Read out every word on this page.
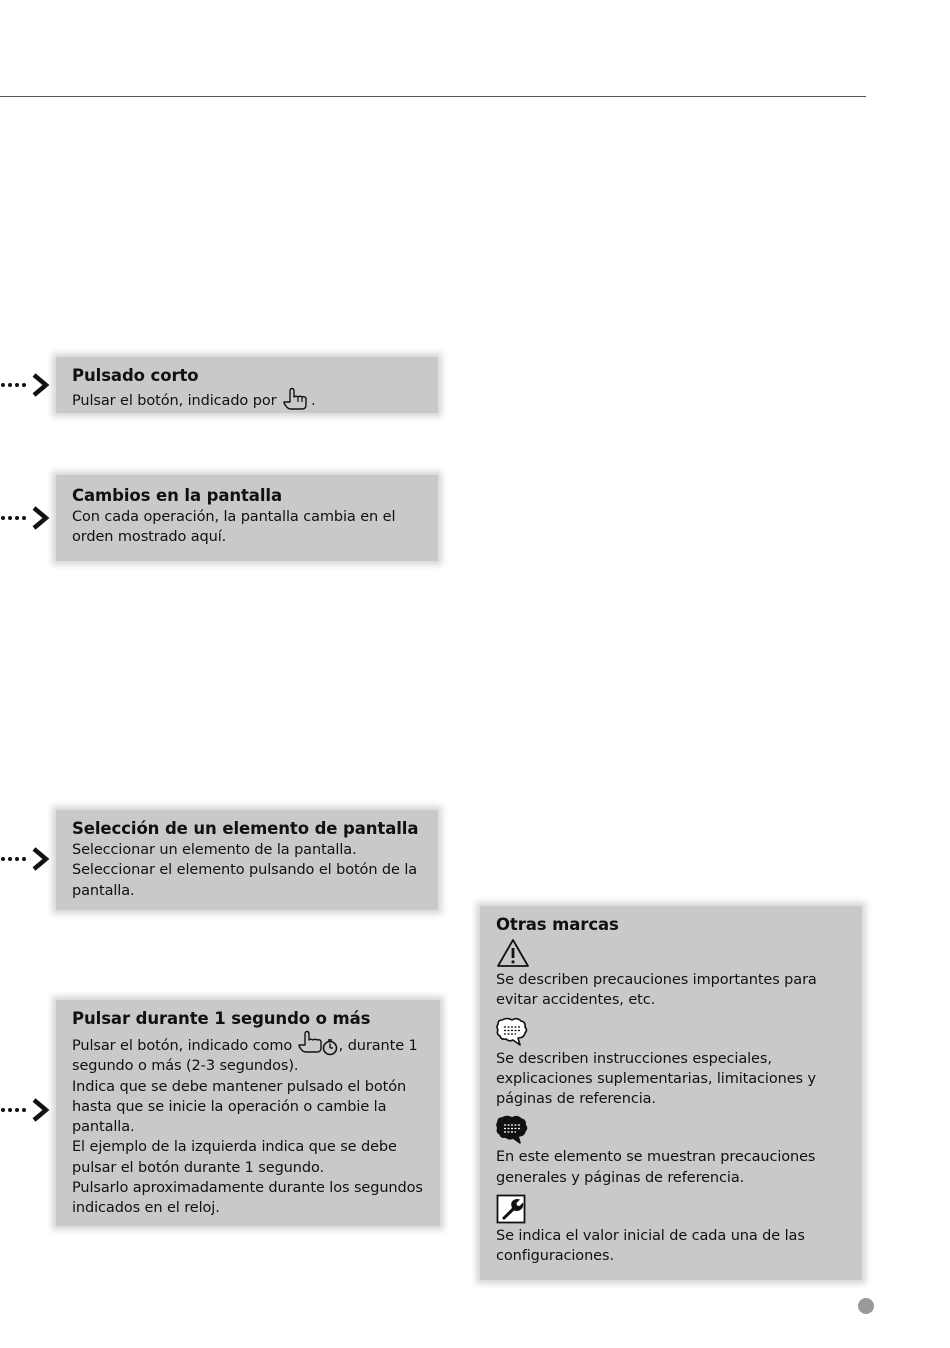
Pulsado corto
Pulsar el botón, indicado por .
Cambios en la pantalla
Con cada operación, la pantalla cambia en el orden mostrado aquí.
Selección de un elemento de pantalla

Seleccionar un elemento de la pantalla.

Seleccionar el elemento pulsando el botón de la pantalla.

Pulsar durante 1 segundo o más

Pulsar el botón, indicado como	, durante 1 segundo o más (2-3 segundos).

Indica que se debe mantener pulsado el botón hasta que se inicie la operación o cambie la pantalla.

El ejemplo de la izquierda indica que se debe pulsar el botón durante 1 segundo.

Pulsarlo aproximadamente durante los segundos indicados en el reloj.

Otras marcas
Se describen precauciones importantes para evitar accidentes, etc.
Se describen instrucciones especiales, explicaciones suplementarias, limitaciones y páginas de referencia.
En este elemento se muestran precauciones generales y páginas de referencia.
Se indica el valor inicial de cada una de las configuraciones.
